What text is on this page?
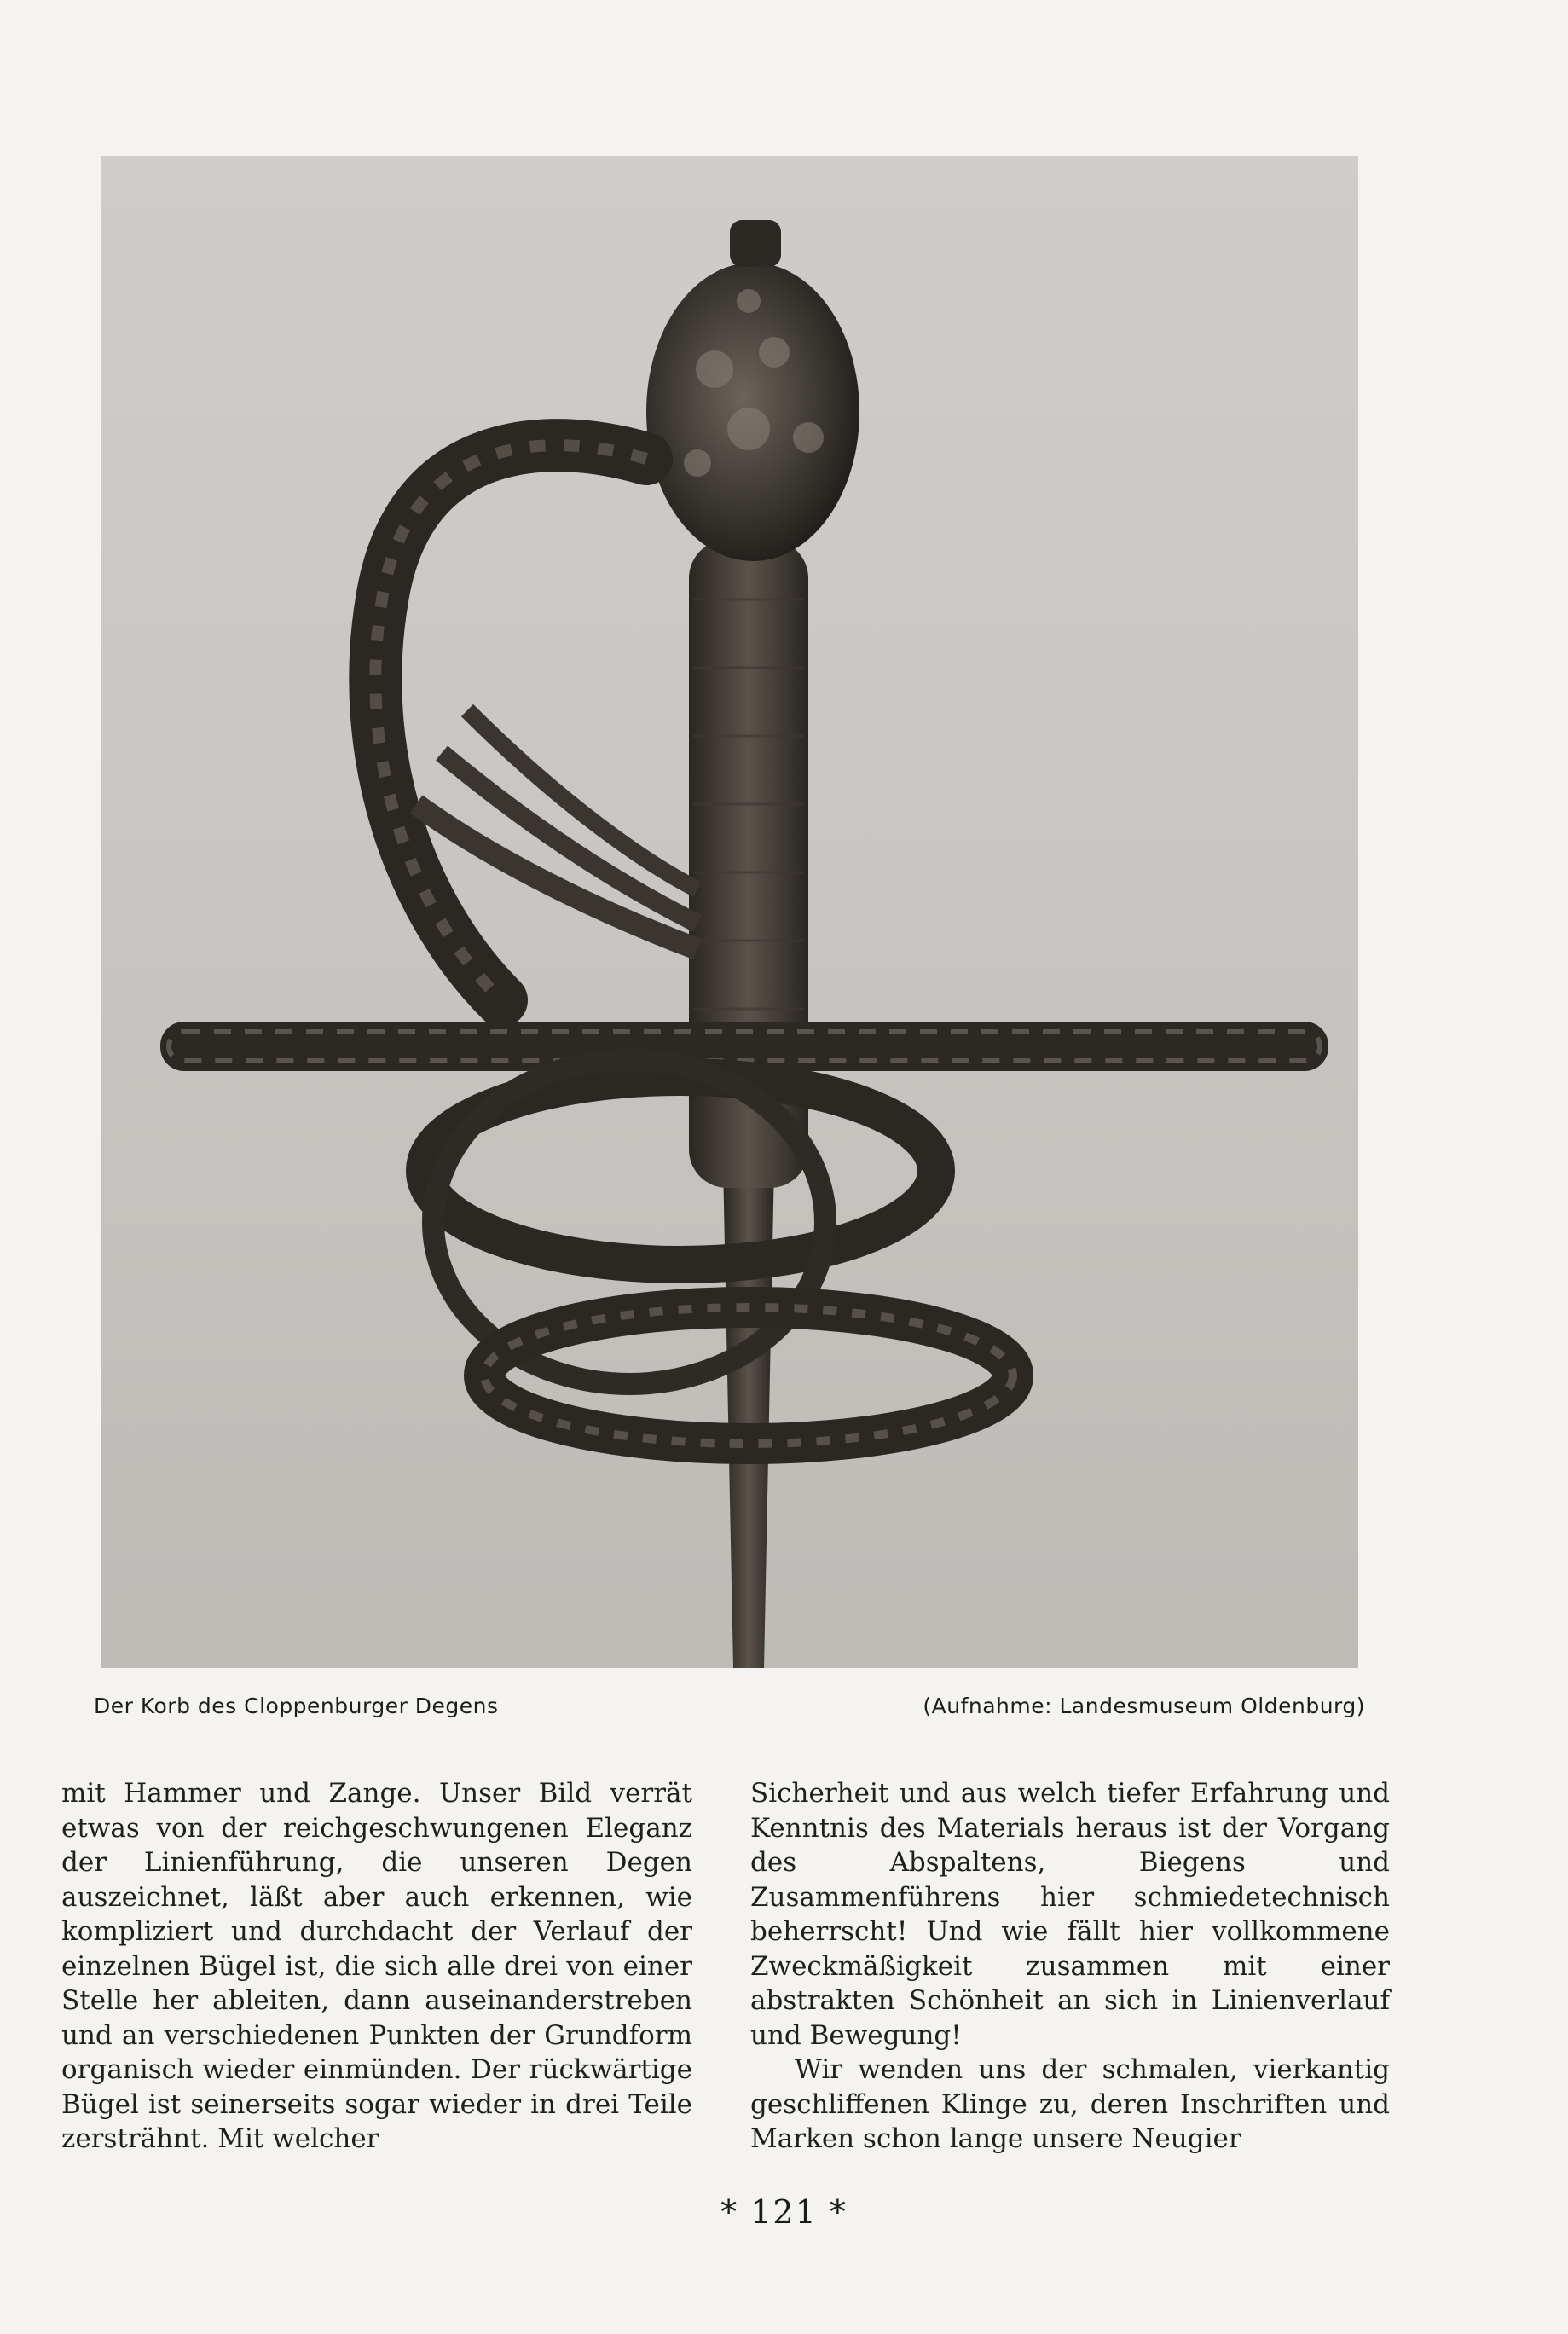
Der Korb des Cloppenburger Degens	(Aufnahme: Landesmuseum Oldenburg)

mit Hammer und Zange. Unser Bild verrät etwas von der reichgeschwungenen Eleganz der Linienführung, die unseren Degen auszeichnet, läßt aber auch erkennen, wie kompliziert und durchdacht der Verlauf der einzelnen Bügel ist, die sich alle drei von einer Stelle her ableiten, dann auseinanderstreben und an verschiedenen Punkten der Grundform organisch wieder einmünden. Der rückwärtige Bügel ist seinerseits sogar wieder in drei Teile zersträhnt. Mit welcher

Sicherheit und aus welch tiefer Erfahrung und Kenntnis des Materials heraus ist der Vorgang des Abspaltens, Biegens und Zusammenführens hier schmiedetechnisch beherrscht! Und wie fällt hier vollkommene Zweckmäßigkeit zusammen mit einer abstrakten Schönheit an sich in Linienverlauf und Bewegung!

Wir wenden uns der schmalen, vierkantig geschliffenen Klinge zu, deren Inschriften und Marken schon lange unsere Neugier

* 121 *
